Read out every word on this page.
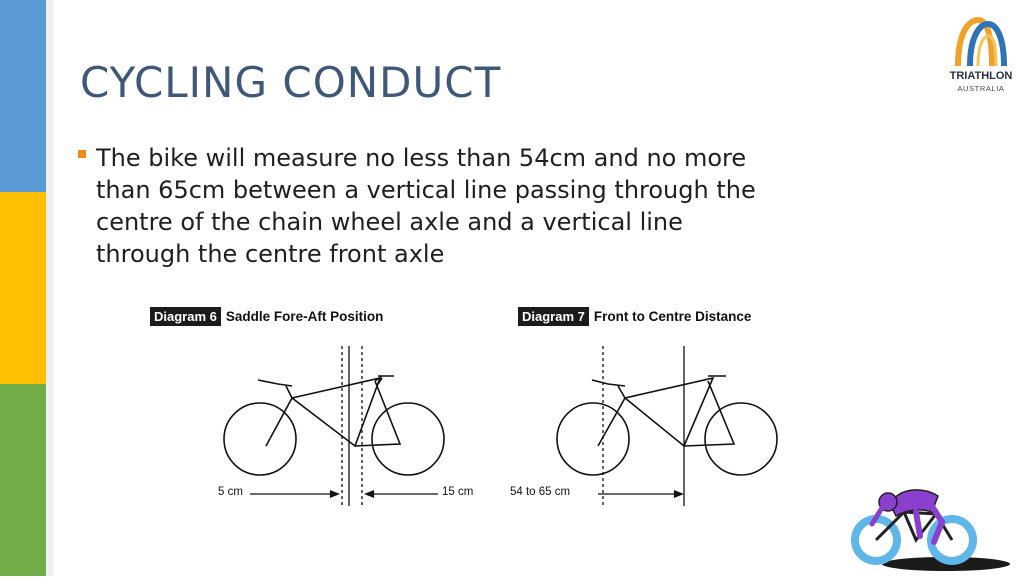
CYCLING CONDUCT	TRIATHLON
AUSTRALIA

The bike will measure no less than 54cm and no more
than 65cm between a vertical line passing through the
centre of the chain wheel axle and a vertical line
through the centre front axle

Diagram 6 Saddle Fore-Aft Position
5 cm	15 cm
Diagram 7 Front to Centre Distance
54 to 65 cm
